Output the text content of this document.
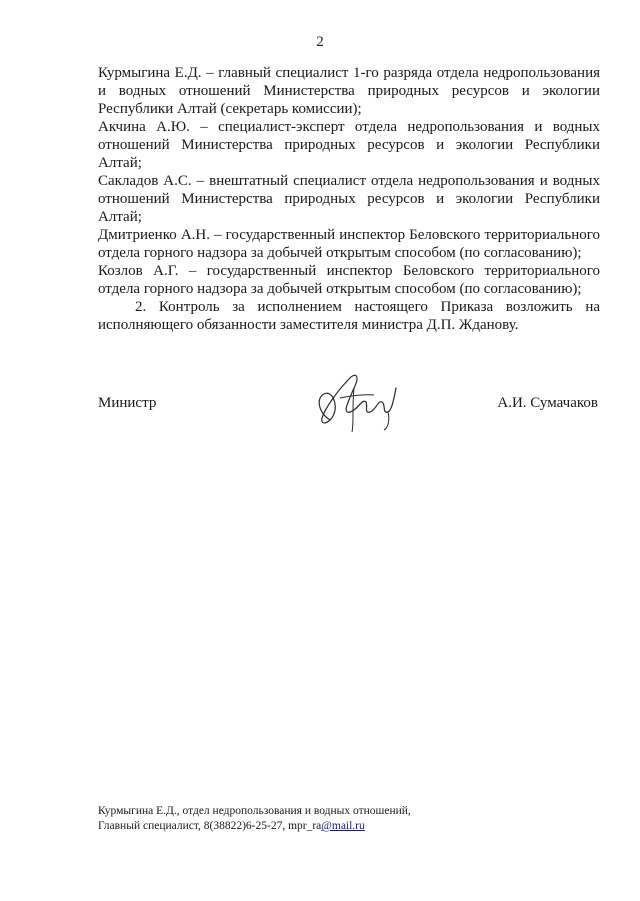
2

Курмыгина Е.Д. – главный специалист 1-го разряда отдела недропользования и водных отношений Министерства природных ресурсов и экологии Республики Алтай (секретарь комиссии);

Акчина А.Ю. – специалист-эксперт отдела недропользования и водных отношений Министерства природных ресурсов и экологии Республики Алтай;

Сакладов А.С. – внештатный специалист отдела недропользования и водных отношений Министерства природных ресурсов и экологии Республики Алтай;

Дмитриенко А.Н. – государственный инспектор Беловского территориального отдела горного надзора за добычей открытым способом (по согласованию);

Козлов А.Г. – государственный инспектор Беловского территориального отдела горного надзора за добычей открытым способом (по согласованию);

2. Контроль за исполнением настоящего Приказа возложить на исполняющего обязанности заместителя министра Д.П. Жданову.

Министр	А.И. Сумачаков
Курмыгина Е.Д., отдел недропользования и водных отношений,
Главный специалист, 8(38822)6-25-27, mpr_ra@mail.ru
